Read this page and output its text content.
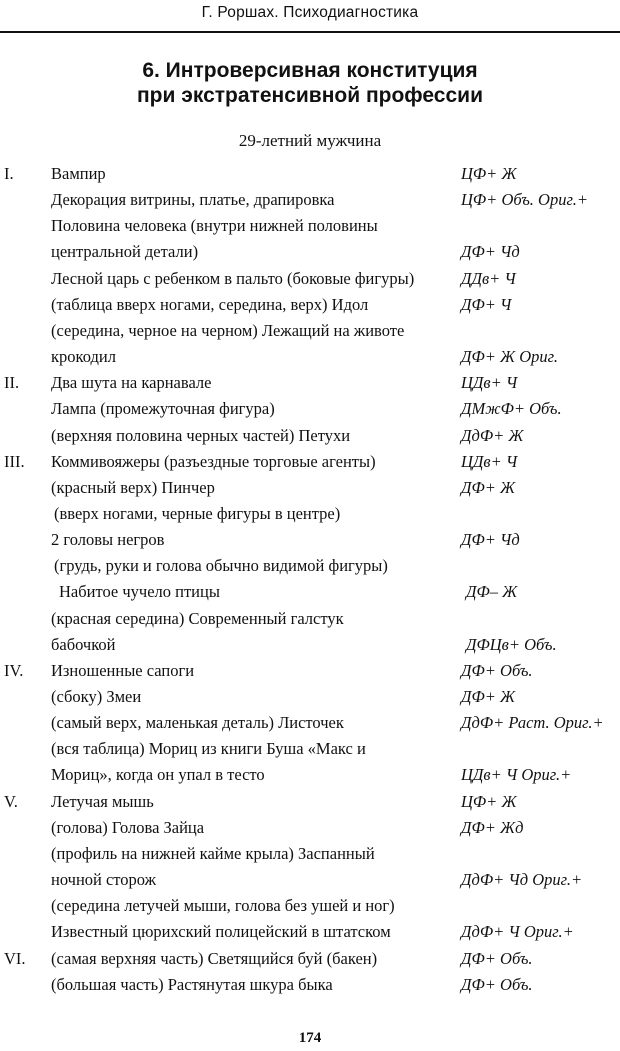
Г. Роршах. Психодиагностика
6. Интроверсивная конституция
при экстратенсивной профессии
29-летний мужчина
I. Вампир	ЦФ+ Ж
Декорация витрины, платье, драпировка	ЦФ+ Объ. Ориг.+
Половина человека (внутри нижней половины
центральной детали)	ДФ+ Чд
Лесной царь с ребенком в пальто (боковые фигуры)	ДДв+ Ч
(таблица вверх ногами, середина, верх) Идол	ДФ+ Ч
(середина, черное на черном) Лежащий на животе
крокодил	ДФ+ Ж Ориг.
II. Два шута на карнавале	ЦДв+ Ч
Лампа (промежуточная фигура)	ДМжФ+ Объ.
(верхняя половина черных частей) Петухи	ДдФ+ Ж
III. Коммивояжеры (разъездные торговые агенты)	ЦДв+ Ч
(красный верх) Пинчер	ДФ+ Ж
(вверх ногами, черные фигуры в центре)
2 головы негров	ДФ+ Чд
(грудь, руки и голова обычно видимой фигуры)
Набитое чучело птицы	ДФ– Ж
(красная середина) Современный галстук
бабочкой	ДФЦв+ Объ.
IV. Изношенные сапоги	ДФ+ Объ.
(сбоку) Змеи	ДФ+ Ж
(самый верх, маленькая деталь) Листочек	ДдФ+ Раст. Ориг.+
(вся таблица) Мориц из книги Буша «Макс и
Мориц», когда он упал в тесто	ЦДв+ Ч Ориг.+
V. Летучая мышь	ЦФ+ Ж
(голова) Голова Зайца	ДФ+ Жд
(профиль на нижней кайме крыла) Заспанный
ночной сторож	ДдФ+ Чд Ориг.+
(середина летучей мыши, голова без ушей и ног)
Известный цюрихский полицейский в штатском	ДдФ+ Ч Ориг.+
VI. (самая верхняя часть) Светящийся буй (бакен)	ДФ+ Объ.
(большая часть) Растянутая шкура быка	ДФ+ Объ.
174
